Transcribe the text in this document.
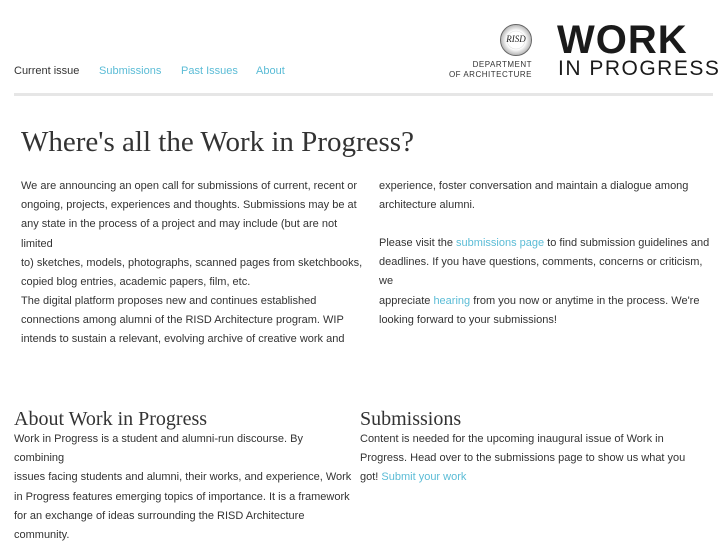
Current issue Submissions Past Issues About
RISD
DEPARTMENT
OF ARCHITECTURE
WORK
IN PROGRESS
Where's all the Work in Progress?
We are announcing an open call for submissions of current, recent or
ongoing, projects, experiences and thoughts. Submissions may be at
any state in the process of a project and may include (but are not limited
to) sketches, models, photographs, scanned pages from sketchbooks,
copied blog entries, academic papers, film, etc.
The digital platform proposes new and continues established
connections among alumni of the RISD Architecture program. WIP
intends to sustain a relevant, evolving archive of creative work and
experience, foster conversation and maintain a dialogue among
architecture alumni.
Please visit the submissions page to find submission guidelines and
deadlines. If you have questions, comments, concerns or criticism, we
appreciate hearing from you now or anytime in the process. We're
looking forward to your submissions!
About Work in Progress
Work in Progress is a student and alumni-run discourse. By combining
issues facing students and alumni, their works, and experience, Work
in Progress features emerging topics of importance. It is a framework
for an exchange of ideas surrounding the RISD Architecture
community.
Submissions
Content is needed for the upcoming inaugural issue of Work in
Progress. Head over to the submissions page to show us what you
got! Submit your work
